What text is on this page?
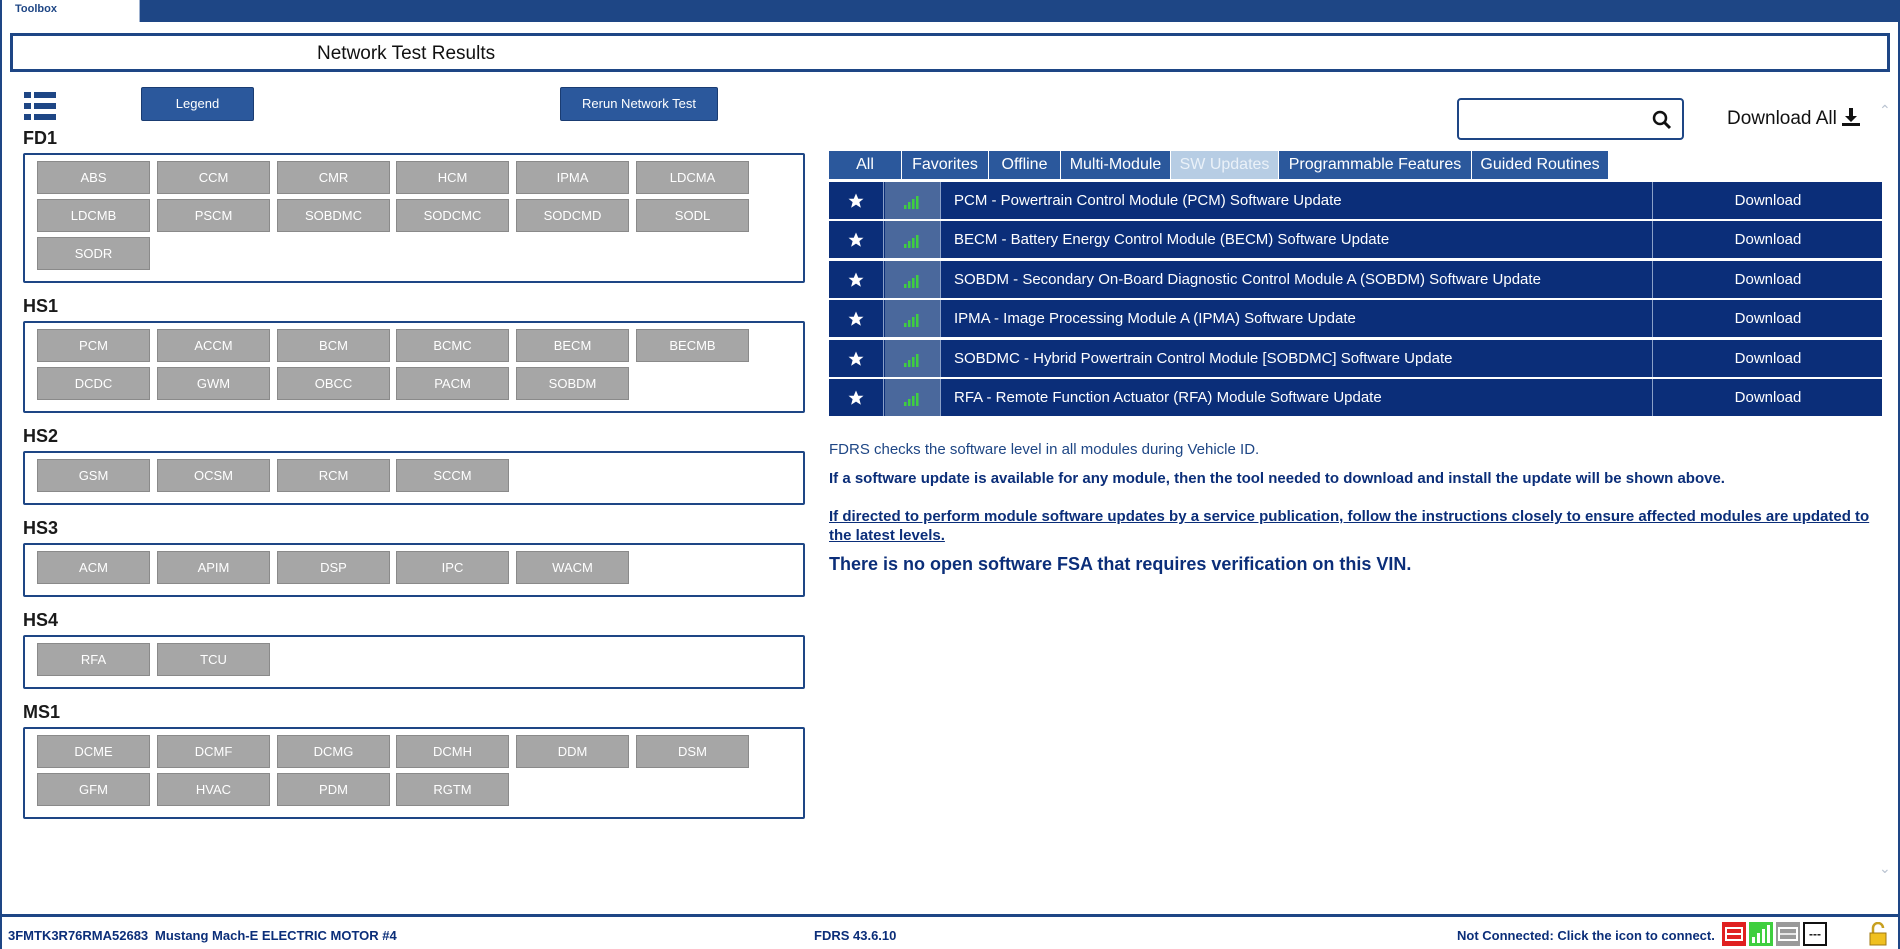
Toolbox
Network Test Results
Legend	Rerun Network Test
FD1
ABS	CCM	CMR	HCM	IPMA	LDCMA
LDCMB	PSCM	SOBDMC	SODCMC	SODCMD	SODL
SODR
HS1
PCM	ACCM	BCM	BCMC	BECM	BECMB
DCDC	GWM	OBCC	PACM	SOBDM
HS2
GSM	OCSM	RCM	SCCM
HS3
ACM	APIM	DSP	IPC	WACM
HS4
RFA	TCU
MS1
DCME	DCMF	DCMG	DCMH	DDM	DSM
GFM	HVAC	PDM	RGTM
Download All	⌃
⌄
All	Favorites	Offline	Multi-Module	SW Updates	Programmable Features	Guided Routines
PCM - Powertrain Control Module (PCM) Software Update	Download
BECM - Battery Energy Control Module (BECM) Software Update	Download
SOBDM - Secondary On-Board Diagnostic Control Module A (SOBDM) Software Update	Download
IPMA - Image Processing Module A (IPMA) Software Update	Download
SOBDMC - Hybrid Powertrain Control Module [SOBDMC] Software Update	Download
RFA - Remote Function Actuator (RFA) Module Software Update	Download
FDRS checks the software level in all modules during Vehicle ID.
If a software update is available for any module, then the tool needed to download and install the update will be shown above.
If directed to perform module software updates by a service publication, follow the instructions closely to ensure affected modules are updated to the latest levels.
There is no open software FSA that requires verification on this VIN.
3FMTK3R76RMA52683 Mustang Mach-E ELECTRIC MOTOR #4	FDRS 43.6.10	Not Connected: Click the icon to connect.	---
